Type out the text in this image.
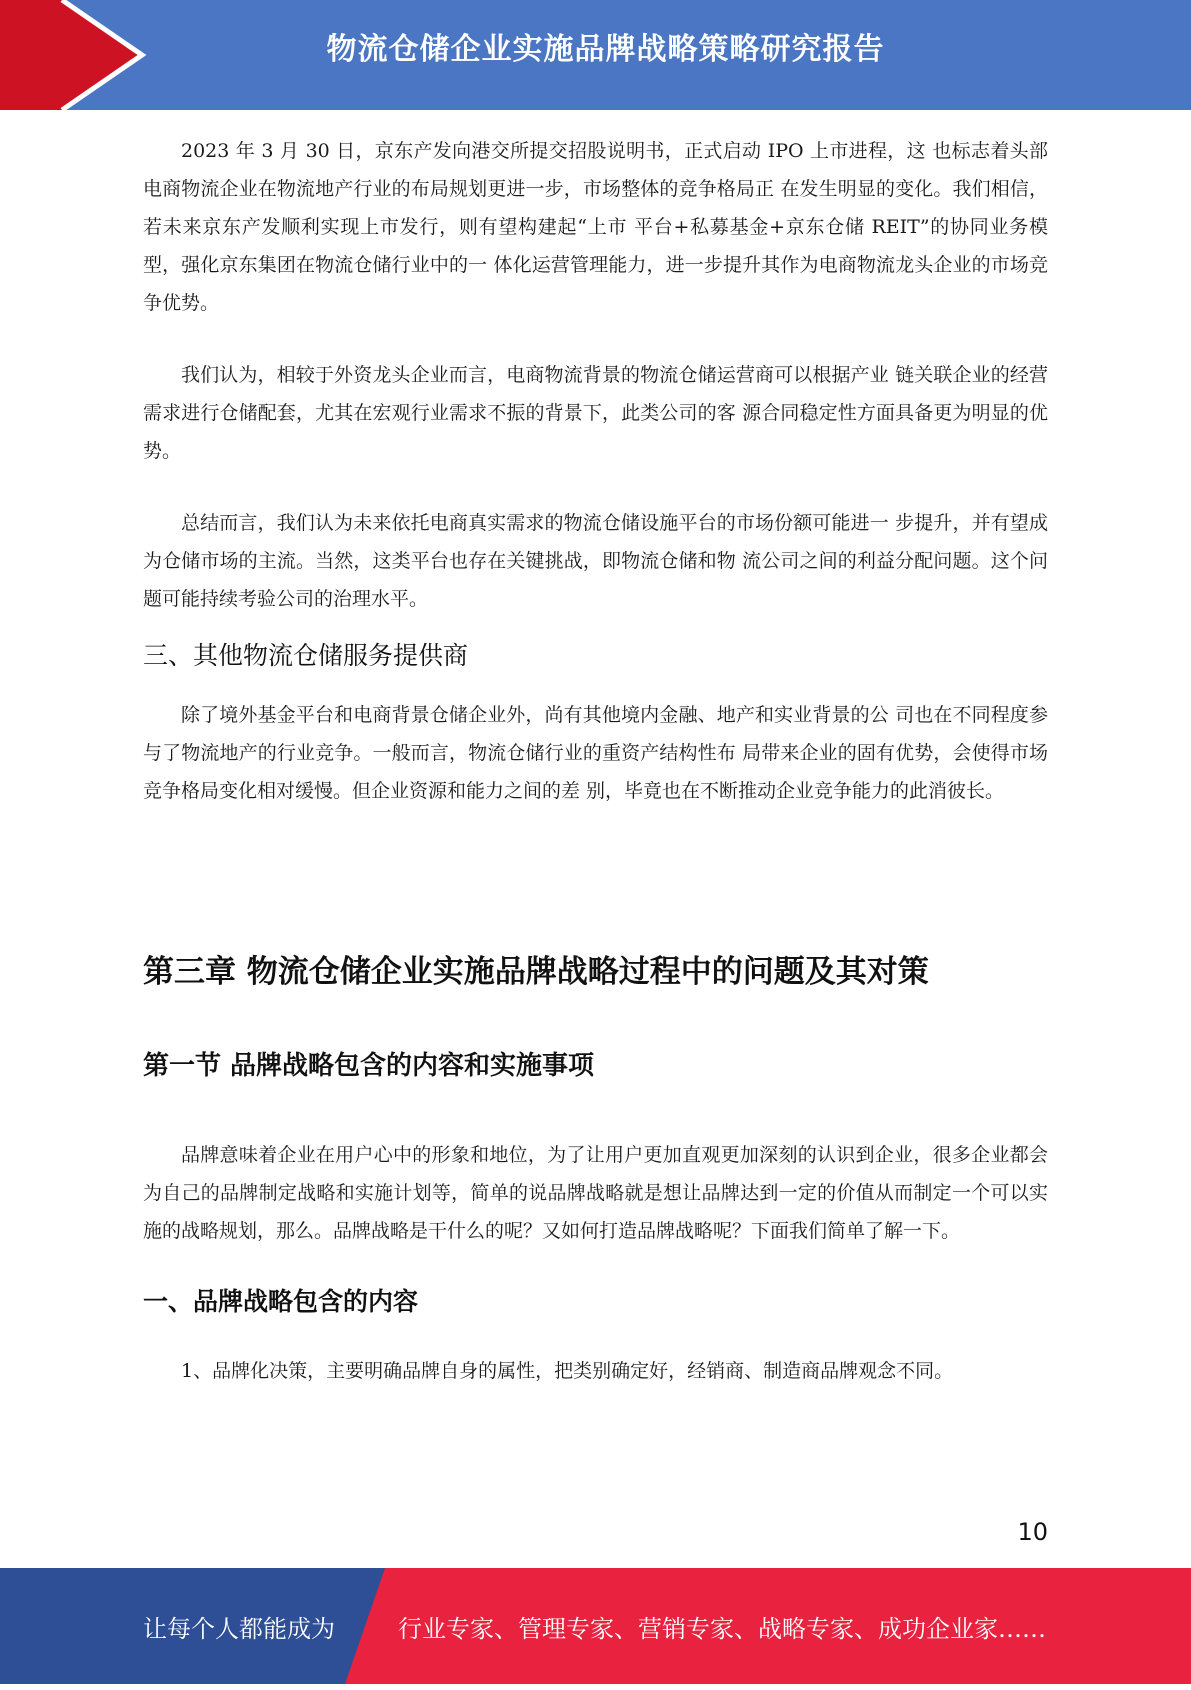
物流仓储企业实施品牌战略策略研究报告

2023 年 3 月 30 日，京东产发向港交所提交招股说明书，正式启动 IPO 上市进程，这 也标志着头部电商物流企业在物流地产行业的布局规划更进一步，市场整体的竞争格局正 在发生明显的变化。我们相信，若未来京东产发顺利实现上市发行，则有望构建起“上市 平台+私募基金+京东仓储 REIT”的协同业务模型，强化京东集团在物流仓储行业中的一 体化运营管理能力，进一步提升其作为电商物流龙头企业的市场竞争优势。

我们认为，相较于外资龙头企业而言，电商物流背景的物流仓储运营商可以根据产业 链关联企业的经营需求进行仓储配套，尤其在宏观行业需求不振的背景下，此类公司的客 源合同稳定性方面具备更为明显的优势。

总结而言，我们认为未来依托电商真实需求的物流仓储设施平台的市场份额可能进一 步提升，并有望成为仓储市场的主流。当然，这类平台也存在关键挑战，即物流仓储和物 流公司之间的利益分配问题。这个问题可能持续考验公司的治理水平。

三、其他物流仓储服务提供商

除了境外基金平台和电商背景仓储企业外，尚有其他境内金融、地产和实业背景的公 司也在不同程度参与了物流地产的行业竞争。一般而言，物流仓储行业的重资产结构性布 局带来企业的固有优势，会使得市场竞争格局变化相对缓慢。但企业资源和能力之间的差 别，毕竟也在不断推动企业竞争能力的此消彼长。

第三章 物流仓储企业实施品牌战略过程中的问题及其对策
第一节 品牌战略包含的内容和实施事项

品牌意味着企业在用户心中的形象和地位，为了让用户更加直观更加深刻的认识到企业，很多企业都会为自己的品牌制定战略和实施计划等，简单的说品牌战略就是想让品牌达到一定的价值从而制定一个可以实施的战略规划，那么。品牌战略是干什么的呢？又如何打造品牌战略呢？下面我们简单了解一下。

一、品牌战略包含的内容

1、品牌化决策，主要明确品牌自身的属性，把类别确定好，经销商、制造商品牌观念不同。

10
让每个人都能成为	行业专家、管理专家、营销专家、战略专家、成功企业家……
